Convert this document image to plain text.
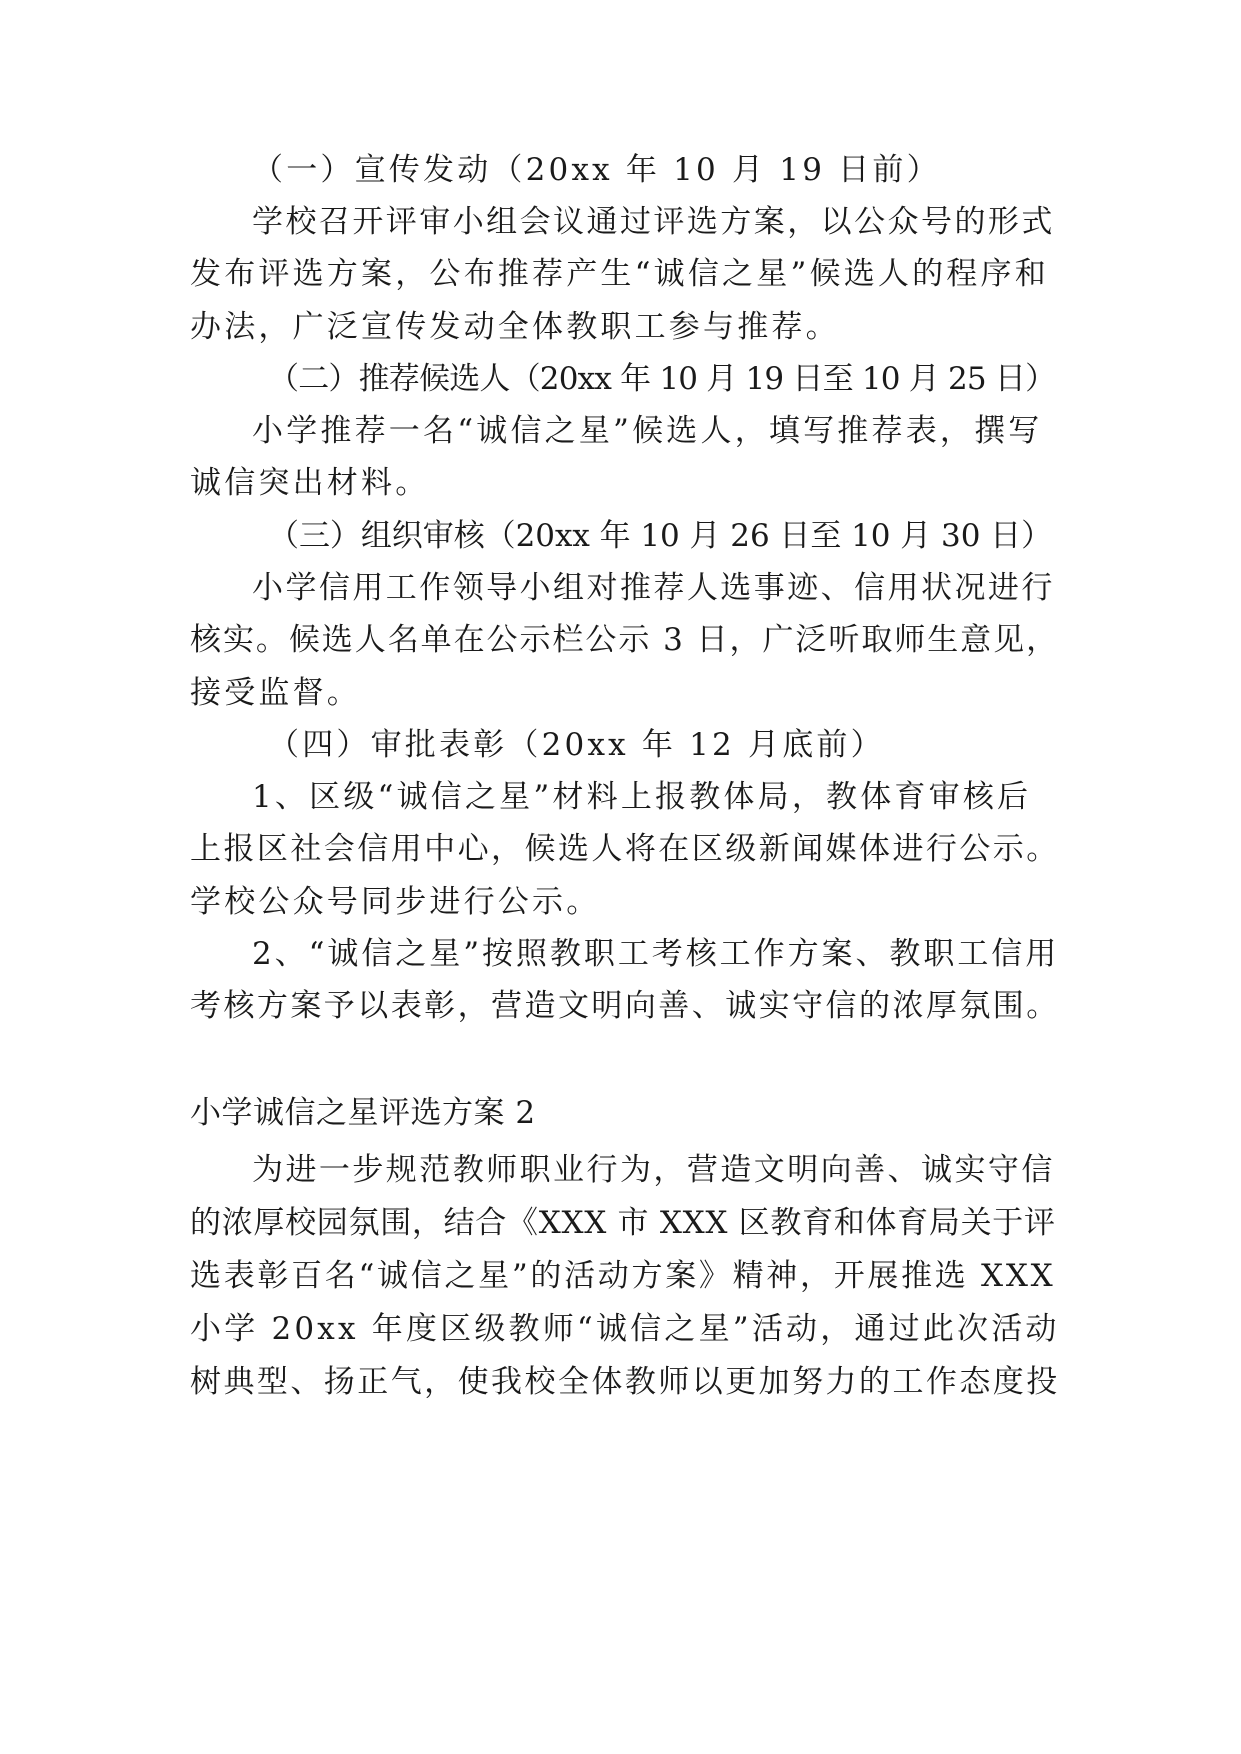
（一）宣传发动（20xx 年 10 月 19 日前）
学校召开评审小组会议通过评选方案，以公众号的形式
发布评选方案，公布推荐产生“诚信之星”候选人的程序和
办法，广泛宣传发动全体教职工参与推荐。
（二）推荐候选人（20xx 年 10 月 19 日至 10 月 25 日）
小学推荐一名“诚信之星”候选人，填写推荐表，撰写
诚信突出材料。
（三）组织审核（20xx 年 10 月 26 日至 10 月 30 日）
小学信用工作领导小组对推荐人选事迹、信用状况进行
核实。候选人名单在公示栏公示 3 日，广泛听取师生意见，
接受监督。
（四）审批表彰（20xx 年 12 月底前）
1、区级“诚信之星”材料上报教体局，教体育审核后
上报区社会信用中心，候选人将在区级新闻媒体进行公示。
学校公众号同步进行公示。
2、“诚信之星”按照教职工考核工作方案、教职工信用
考核方案予以表彰，营造文明向善、诚实守信的浓厚氛围。
小学诚信之星评选方案 2
为进一步规范教师职业行为，营造文明向善、诚实守信
的浓厚校园氛围，结合《XXX 市 XXX 区教育和体育局关于评
选表彰百名“诚信之星”的活动方案》精神，开展推选 XXX
小学 20xx 年度区级教师“诚信之星”活动，通过此次活动
树典型、扬正气，使我校全体教师以更加努力的工作态度投
